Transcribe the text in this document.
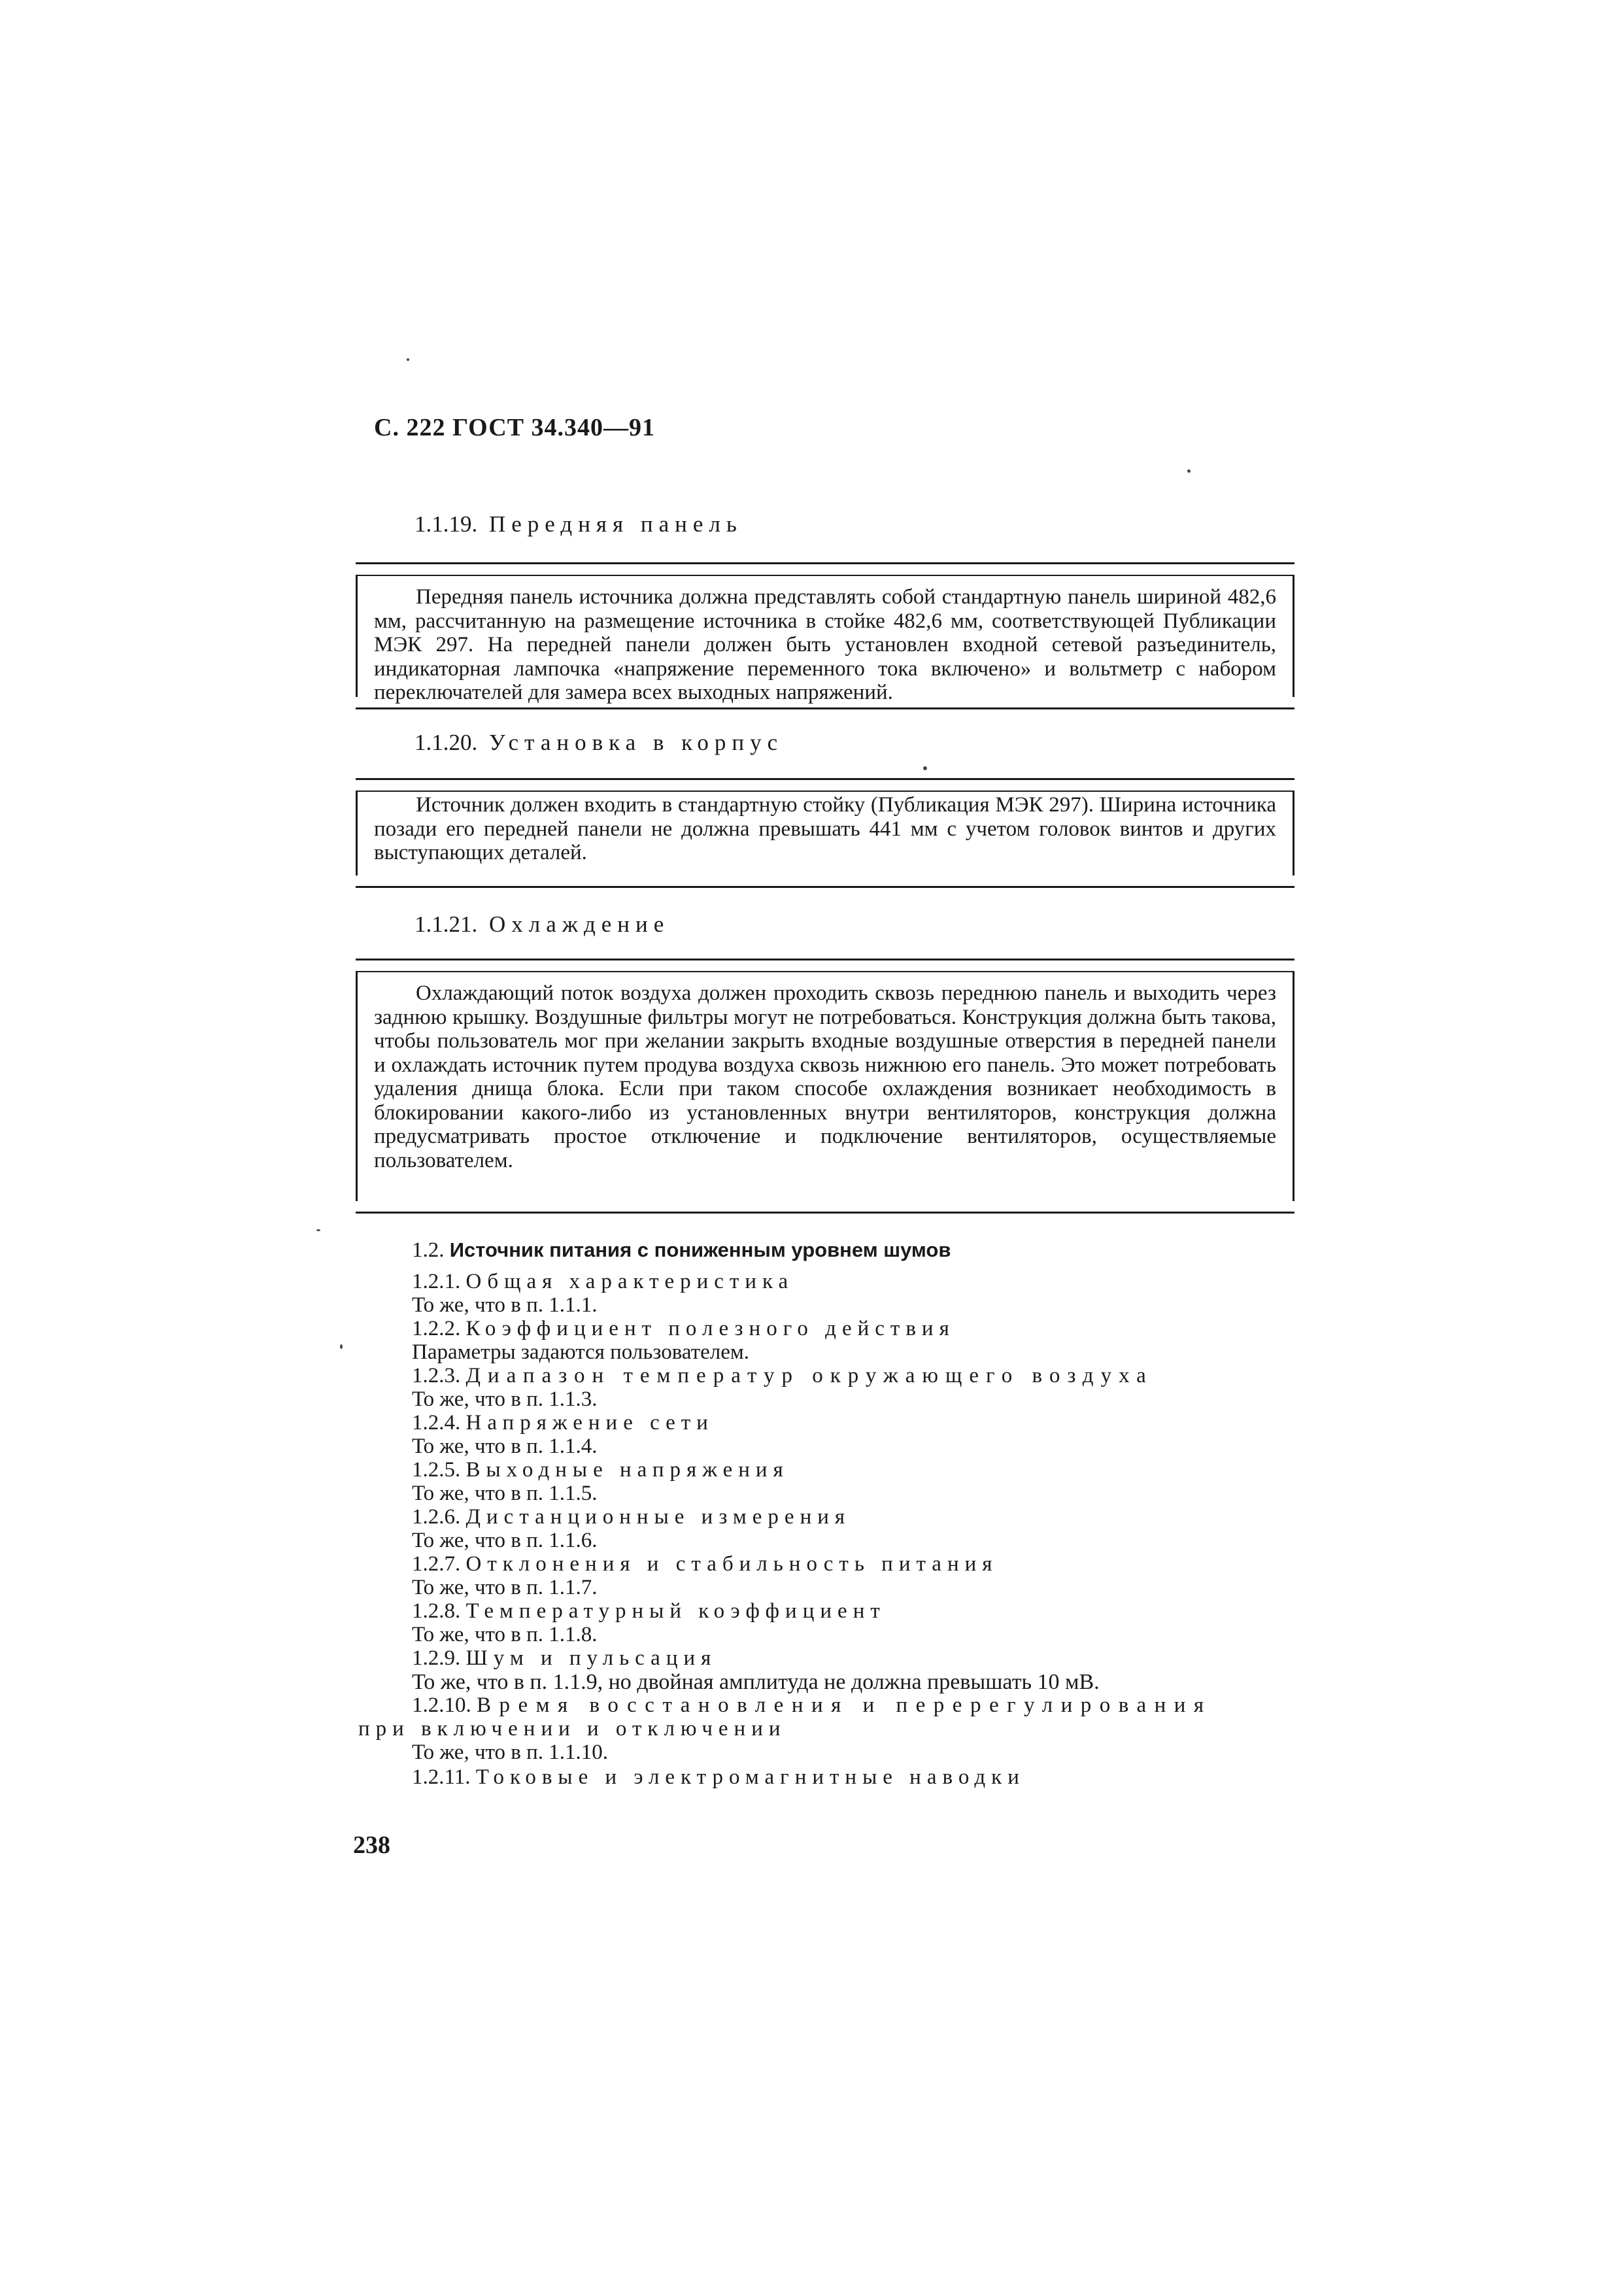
С. 222 ГОСТ 34.340—91
1.1.19. Передняя панель

Передняя панель источника должна представлять собой стандартную панель шириной 482,6 мм, рассчитанную на размещение источника в стойке 482,6 мм, соответствующей Публикации МЭК 297. На передней панели должен быть установлен входной сетевой разъединитель, индикаторная лампочка «напряжение переменного тока включено» и вольтметр с набором переключателей для замера всех выходных напряжений.

1.1.20. Установка в корпус

Источник должен входить в стандартную стойку (Публикация МЭК 297). Ширина источника позади его передней панели не должна превышать 441 мм с учетом головок винтов и других выступающих деталей.

1.1.21. Охлаждение

Охлаждающий поток воздуха должен проходить сквозь переднюю панель и выходить через заднюю крышку. Воздушные фильтры могут не потребоваться. Конструкция должна быть такова, чтобы пользователь мог при желании закрыть входные воздушные отверстия в передней панели и охлаждать источник путем продува воздуха сквозь нижнюю его панель. Это может потребовать удаления днища блока. Если при таком способе охлаждения возникает необходимость в блокировании какого-либо из установленных внутри вентиляторов, конструкция должна предусматривать простое отключение и подключение вентиляторов, осуществляемые пользователем.

1.2. Источник питания с пониженным уровнем шумов
1.2.1. Общая характеристика
То же, что в п. 1.1.1.
1.2.2. Коэффициент полезного действия
Параметры задаются пользователем.
1.2.3. Диапазон температур окружающего воздуха
То же, что в п. 1.1.3.
1.2.4. Напряжение сети
То же, что в п. 1.1.4.
1.2.5. Выходные напряжения
То же, что в п. 1.1.5.
1.2.6. Дистанционные измерения
То же, что в п. 1.1.6.
1.2.7. Отклонения и стабильность питания
То же, что в п. 1.1.7.
1.2.8. Температурный коэффициент
То же, что в п. 1.1.8.
1.2.9. Шум и пульсация
То же, что в п. 1.1.9, но двойная амплитуда не должна превышать 10 мВ.
1.2.10. Время восстановления и перерегулирования
при включении и отключении
То же, что в п. 1.1.10.
1.2.11. Токовые и электромагнитные наводки
238
